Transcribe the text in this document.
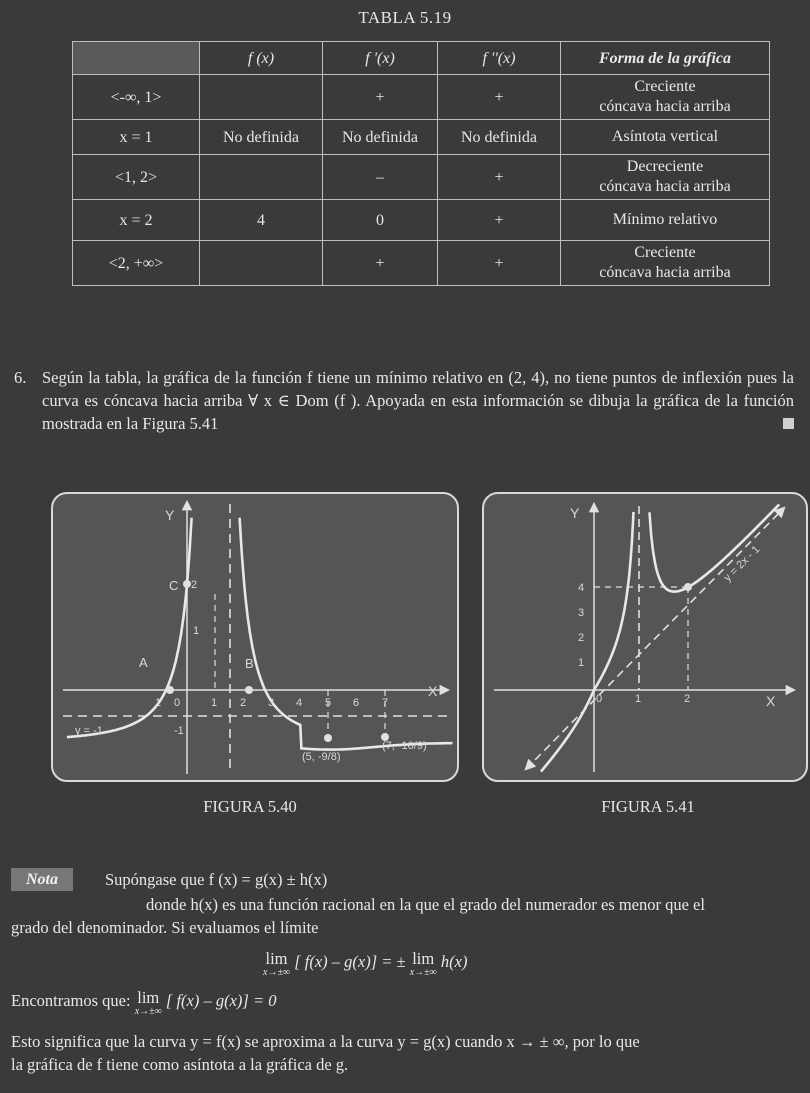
TABLA 5.19
	f (x)	f '(x)	f ''(x)	Forma de la gráfica
<-∞, 1>		+	+	Creciente
cóncava hacia arriba
x = 1	No definida	No definida	No definida	Asíntota vertical
<1, 2>		–	+	Decreciente
cóncava hacia arriba
x = 2	4	0	+	Mínimo relativo
<2, +∞>		+	+	Creciente
cóncava hacia arriba
6. Según la tabla, la gráfica de la función f tiene un mínimo relativo en (2, 4), no tiene puntos de inflexión pues la curva es cóncava hacia arriba ∀ x ∈ Dom (f ). Apoyada en esta información se dibuja la gráfica de la función mostrada en la Figura 5.41
Y
X
1 0	1 2 3 4 5 6 7
2
1
-1
A	B
C
y = -1
(5, -9/8)
(7, -10/9)
FIGURA 5.40
Y
X
4
3
2
1
0	1	2
y = 2x - 1
FIGURA 5.41
Nota	Supóngase que f (x) = g(x) ± h(x)
donde h(x) es una función racional en la que el grado del numerador es menor que el
grado del denominador. Si evaluamos el límite
lim
x→±∞
[ f(x) – g(x)] = ± lim
x→±∞
h(x)
Encontramos que: lim
x→±∞
[ f(x) – g(x)] = 0
Esto significa que la curva y = f(x) se aproxima a la curva y = g(x) cuando x → ± ∞, por lo que
la gráfica de f tiene como asíntota a la gráfica de g.
